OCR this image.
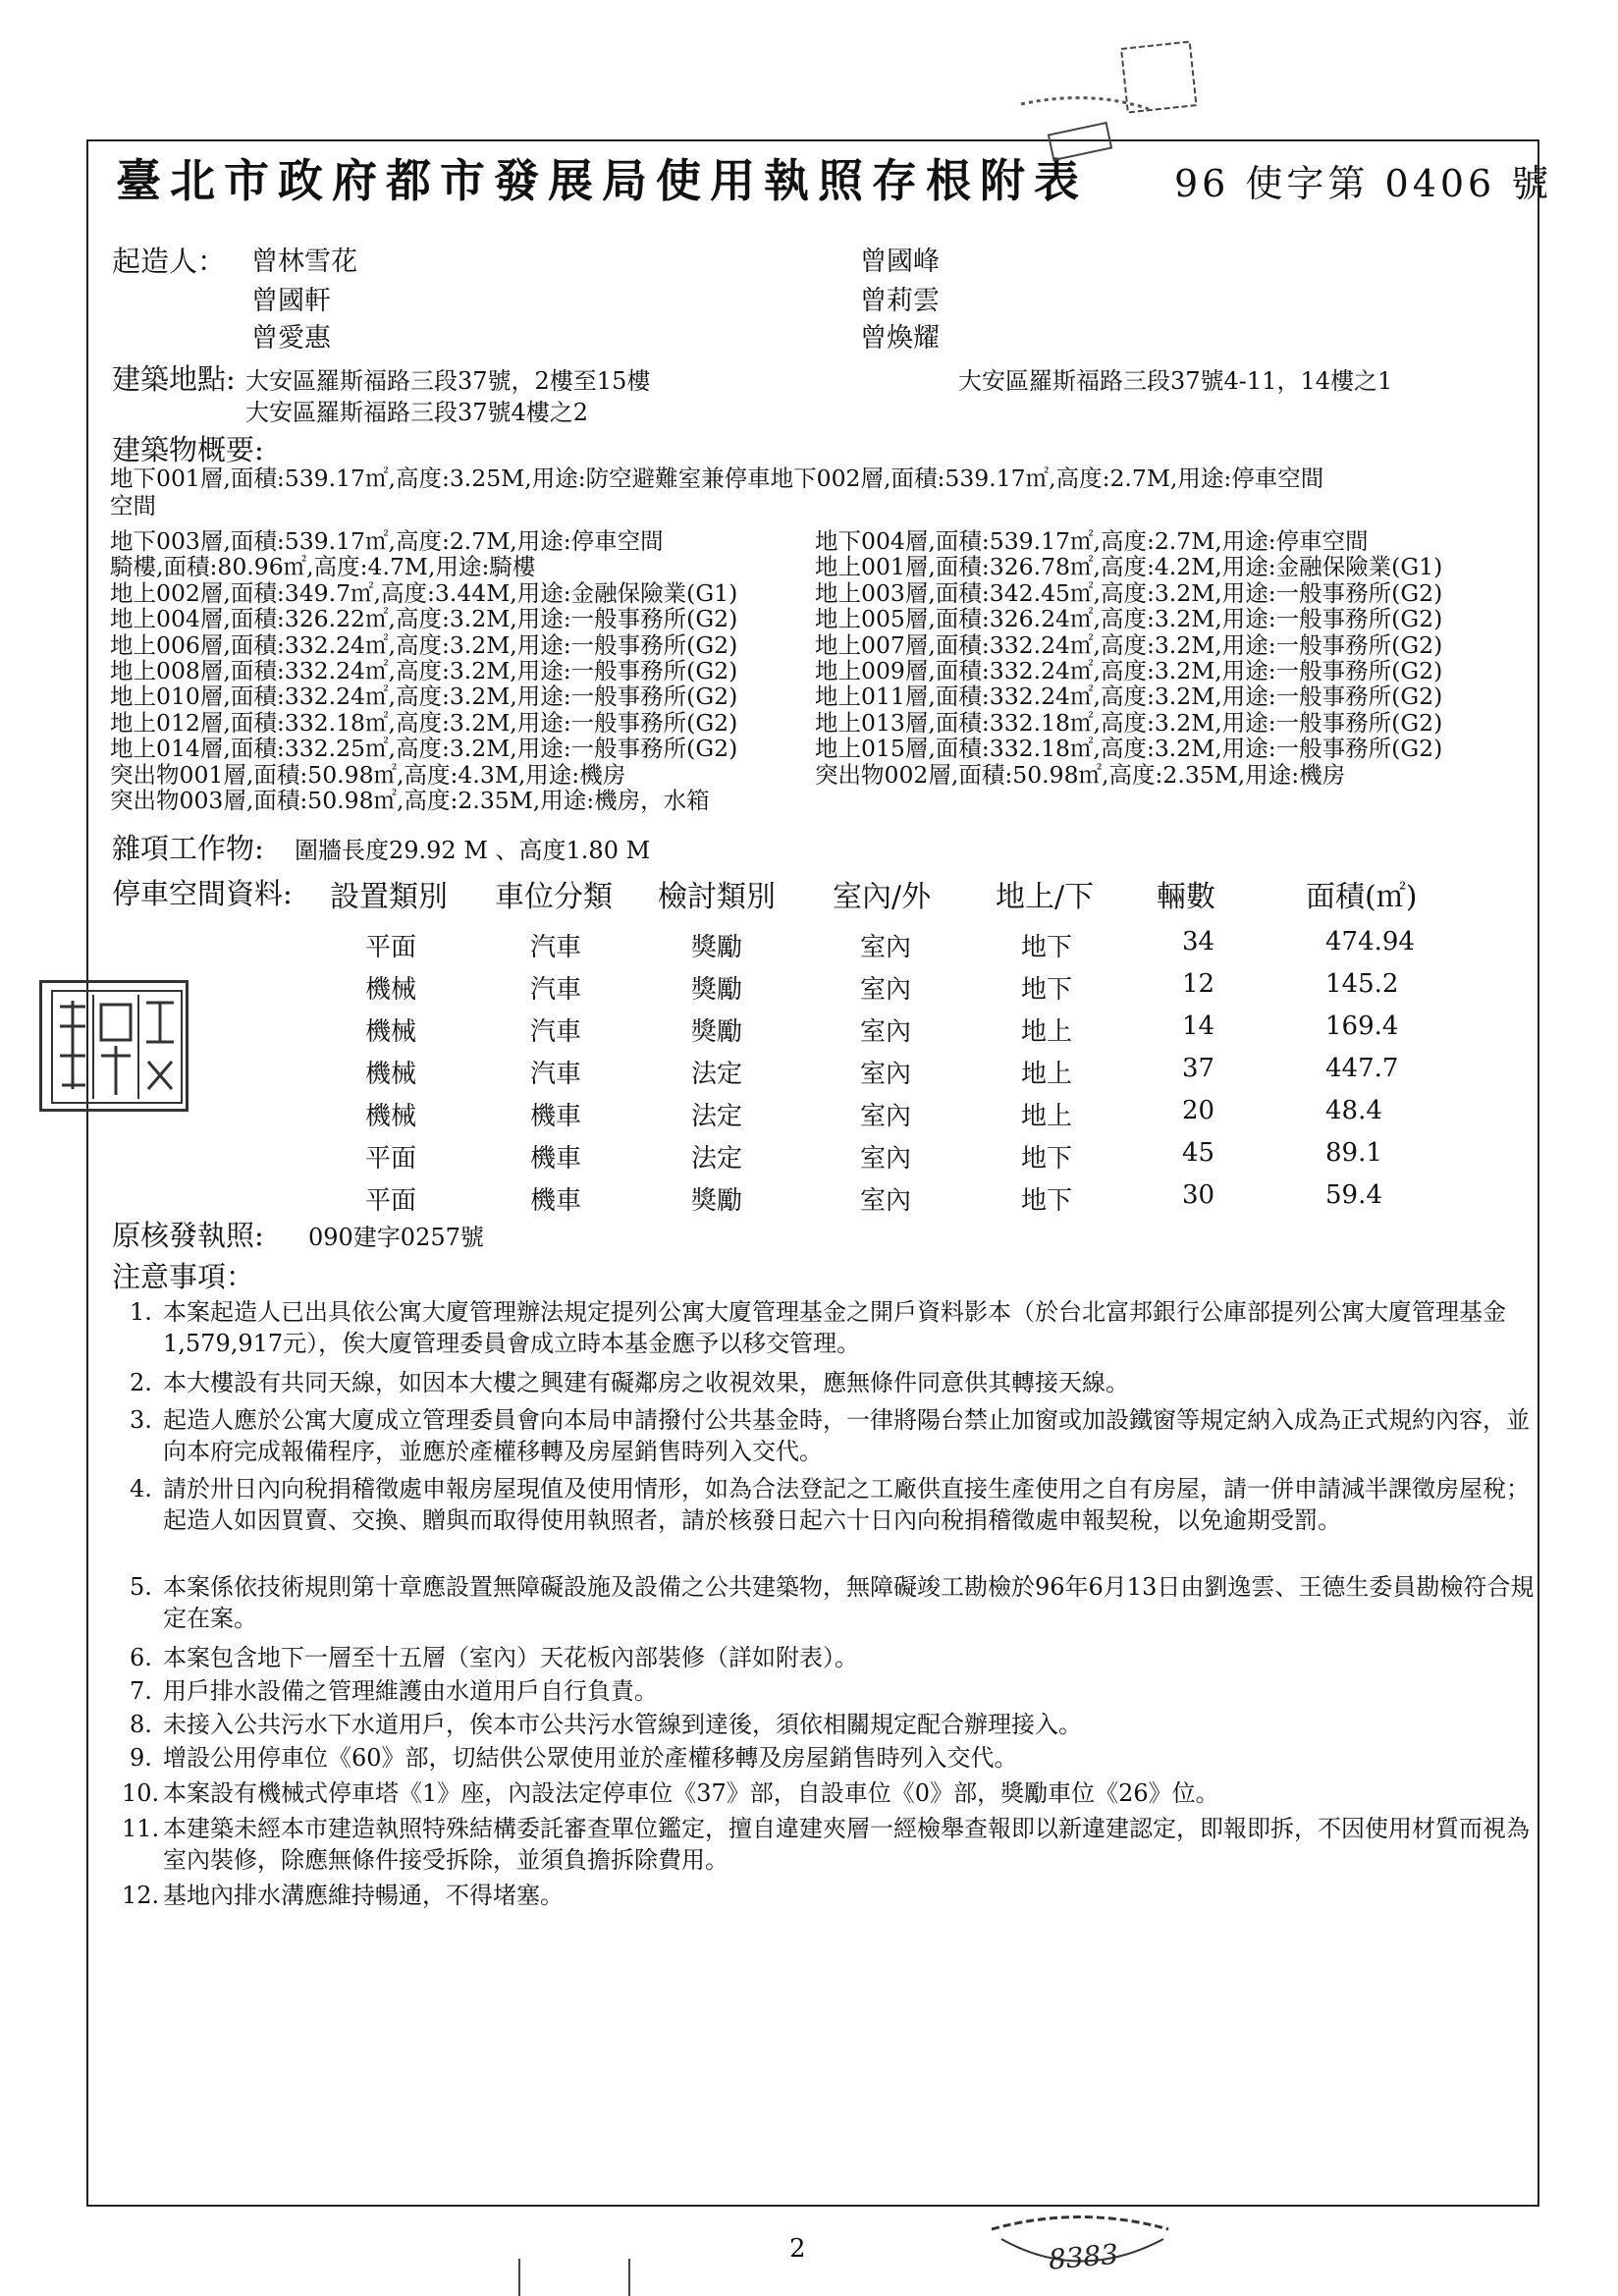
臺北市政府都市發展局使用執照存根附表 96 使字第 0406 號
起造人： 曾林雪花
曾國軒
曾愛惠
曾國峰
曾莉雲
曾煥耀
建築地點: 大安區羅斯福路三段37號，2樓至15樓	大安區羅斯福路三段37號4-11，14樓之1
大安區羅斯福路三段37號4樓之2
建築物概要:
地下001層,面積:539.17㎡,高度:3.25M,用途:防空避難室兼停車地下002層,面積:539.17㎡,高度:2.7M,用途:停車空間
空間
地下003層,面積:539.17㎡,高度:2.7M,用途:停車空間
騎樓,面積:80.96㎡,高度:4.7M,用途:騎樓
地上002層,面積:349.7㎡,高度:3.44M,用途:金融保險業(G1)
地上004層,面積:326.22㎡,高度:3.2M,用途:一般事務所(G2)
地上006層,面積:332.24㎡,高度:3.2M,用途:一般事務所(G2)
地上008層,面積:332.24㎡,高度:3.2M,用途:一般事務所(G2)
地上010層,面積:332.24㎡,高度:3.2M,用途:一般事務所(G2)
地上012層,面積:332.18㎡,高度:3.2M,用途:一般事務所(G2)
地上014層,面積:332.25㎡,高度:3.2M,用途:一般事務所(G2)
突出物001層,面積:50.98㎡,高度:4.3M,用途:機房
突出物003層,面積:50.98㎡,高度:2.35M,用途:機房，水箱
地下004層,面積:539.17㎡,高度:2.7M,用途:停車空間
地上001層,面積:326.78㎡,高度:4.2M,用途:金融保險業(G1)
地上003層,面積:342.45㎡,高度:3.2M,用途:一般事務所(G2)
地上005層,面積:326.24㎡,高度:3.2M,用途:一般事務所(G2)
地上007層,面積:332.24㎡,高度:3.2M,用途:一般事務所(G2)
地上009層,面積:332.24㎡,高度:3.2M,用途:一般事務所(G2)
地上011層,面積:332.24㎡,高度:3.2M,用途:一般事務所(G2)
地上013層,面積:332.18㎡,高度:3.2M,用途:一般事務所(G2)
地上015層,面積:332.18㎡,高度:3.2M,用途:一般事務所(G2)
突出物002層,面積:50.98㎡,高度:2.35M,用途:機房
雜項工作物: 圍牆長度29.92 M 、高度1.80 M
停車空間資料: 設置類別 車位分類 檢討類別 室內/外 地上/下 輛數	面積(㎡)
平面	汽車	獎勵	室內	地下	34	474.94
機械	汽車	獎勵	室內	地下	12	145.2
機械	汽車	獎勵	室內	地上	14	169.4
機械	汽車	法定	室內	地上	37	447.7
機械	機車	法定	室內	地上	20	48.4
平面	機車	法定	室內	地下	45	89.1
平面	機車	獎勵	室內	地下	30	59.4
原核發執照: 090建字0257號
注意事項：
1. 本案起造人已出具依公寓大廈管理辦法規定提列公寓大廈管理基金之開戶資料影本（於台北富邦銀行公庫部提列公寓大廈管理基金1,579,917元），俟大廈管理委員會成立時本基金應予以移交管理。
2. 本大樓設有共同天線，如因本大樓之興建有礙鄰房之收視效果，應無條件同意供其轉接天線。
3. 起造人應於公寓大廈成立管理委員會向本局申請撥付公共基金時，一律將陽台禁止加窗或加設鐵窗等規定納入成為正式規約內容，並向本府完成報備程序，並應於產權移轉及房屋銷售時列入交代。
4. 請於卅日內向稅捐稽徵處申報房屋現值及使用情形，如為合法登記之工廠供直接生產使用之自有房屋，請一併申請減半課徵房屋稅；起造人如因買賣、交換、贈與而取得使用執照者，請於核發日起六十日內向稅捐稽徵處申報契稅，以免逾期受罰。
5. 本案係依技術規則第十章應設置無障礙設施及設備之公共建築物，無障礙竣工勘檢於96年6月13日由劉逸雲、王德生委員勘檢符合規定在案。
6. 本案包含地下一層至十五層（室內）天花板內部裝修（詳如附表）。
7. 用戶排水設備之管理維護由水道用戶自行負責。
8. 未接入公共污水下水道用戶，俟本市公共污水管線到達後，須依相關規定配合辦理接入。
9. 增設公用停車位《60》部，切結供公眾使用並於產權移轉及房屋銷售時列入交代。
10. 本案設有機械式停車塔《1》座，內設法定停車位《37》部，自設車位《0》部，獎勵車位《26》位。
11. 本建築未經本市建造執照特殊結構委託審查單位鑑定，擅自違建夾層一經檢舉查報即以新違建認定，即報即拆，不因使用材質而視為室內裝修，除應無條件接受拆除，並須負擔拆除費用。
12. 基地內排水溝應維持暢通，不得堵塞。
8383
2
